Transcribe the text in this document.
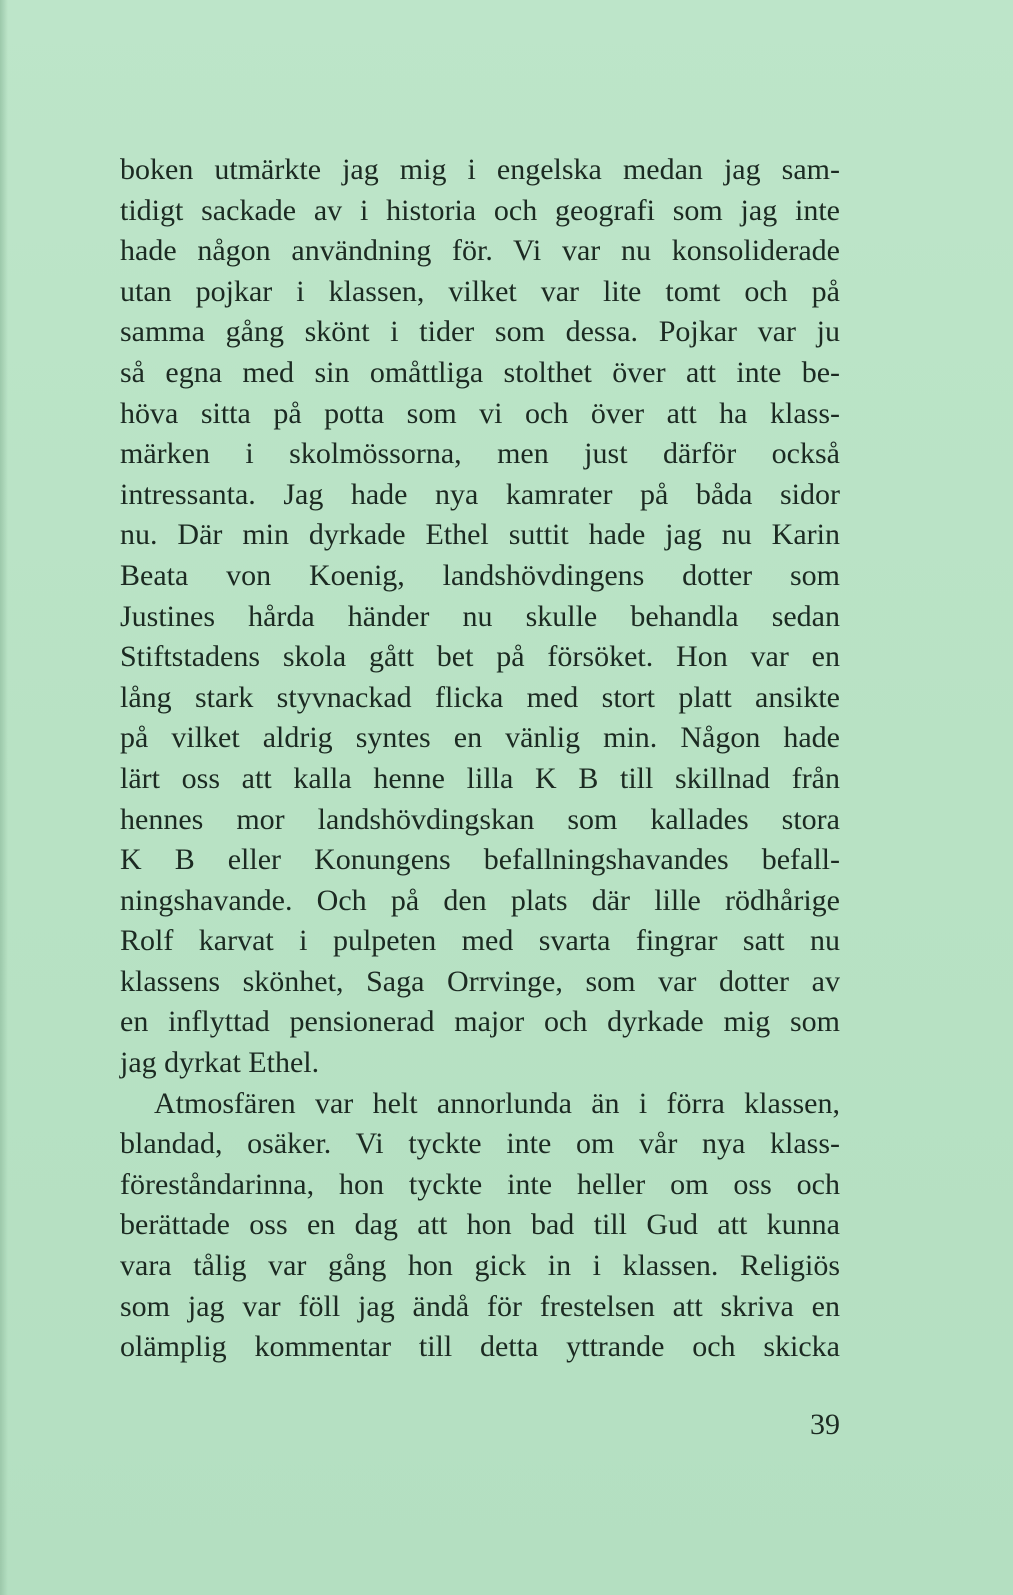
boken utmärkte jag mig i engelska medan jag sam-
tidigt sackade av i historia och geografi som jag inte
hade någon användning för. Vi var nu konsoliderade
utan pojkar i klassen, vilket var lite tomt och på
samma gång skönt i tider som dessa. Pojkar var ju
så egna med sin omåttliga stolthet över att inte be-
höva sitta på potta som vi och över att ha klass-
märken i skolmössorna, men just därför också
intressanta. Jag hade nya kamrater på båda sidor
nu. Där min dyrkade Ethel suttit hade jag nu Karin
Beata von Koenig, landshövdingens dotter som
Justines hårda händer nu skulle behandla sedan
Stiftstadens skola gått bet på försöket. Hon var en
lång stark styvnackad flicka med stort platt ansikte
på vilket aldrig syntes en vänlig min. Någon hade
lärt oss att kalla henne lilla K B till skillnad från
hennes mor landshövdingskan som kallades stora
K B eller Konungens befallningshavandes befall-
ningshavande. Och på den plats där lille rödhårige
Rolf karvat i pulpeten med svarta fingrar satt nu
klassens skönhet, Saga Orrvinge, som var dotter av
en inflyttad pensionerad major och dyrkade mig som
jag dyrkat Ethel.
Atmosfären var helt annorlunda än i förra klassen,
blandad, osäker. Vi tyckte inte om vår nya klass-
föreståndarinna, hon tyckte inte heller om oss och
berättade oss en dag att hon bad till Gud att kunna
vara tålig var gång hon gick in i klassen. Religiös
som jag var föll jag ändå för frestelsen att skriva en
olämplig kommentar till detta yttrande och skicka
39
